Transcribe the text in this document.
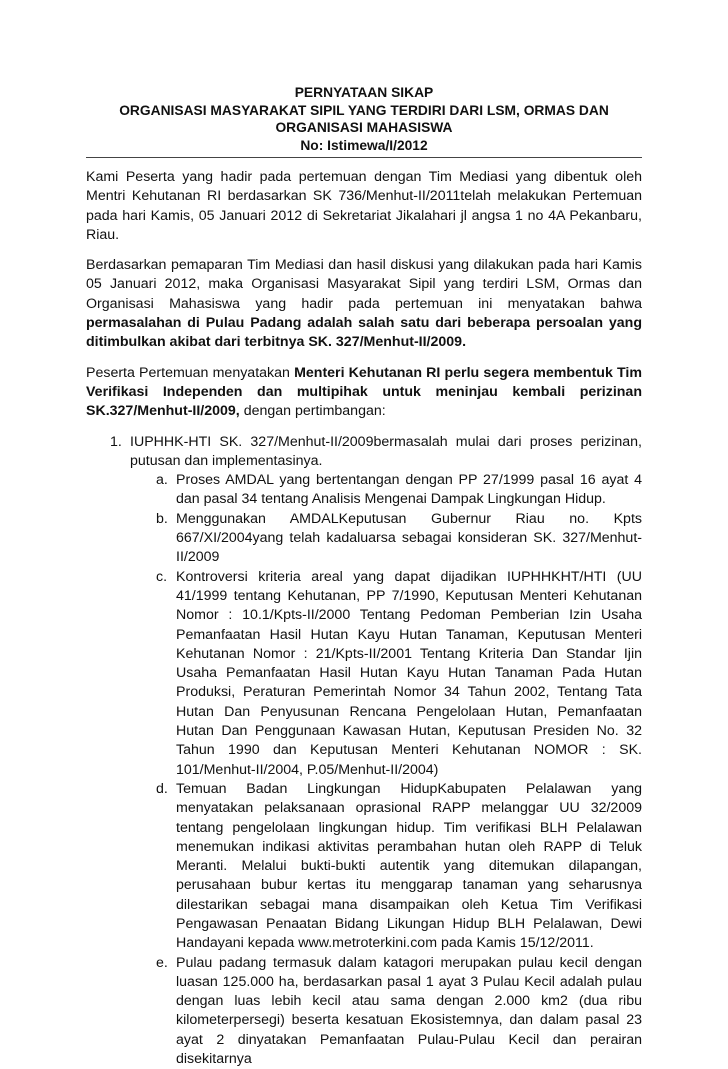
PERNYATAAN SIKAP
ORGANISASI MASYARAKAT SIPIL YANG TERDIRI DARI LSM, ORMAS DAN
ORGANISASI MAHASISWA
No: Istimewa/I/2012

Kami Peserta yang hadir pada pertemuan dengan Tim Mediasi yang dibentuk oleh Mentri Kehutanan RI berdasarkan SK 736/Menhut-II/2011telah melakukan Pertemuan pada hari Kamis, 05 Januari 2012 di Sekretariat Jikalahari jl angsa 1 no 4A Pekanbaru, Riau.

Berdasarkan pemaparan Tim Mediasi dan hasil diskusi yang dilakukan pada hari Kamis 05 Januari 2012, maka Organisasi Masyarakat Sipil yang terdiri LSM, Ormas dan Organisasi Mahasiswa yang hadir pada pertemuan ini menyatakan bahwa permasalahan di Pulau Padang adalah salah satu dari beberapa persoalan yang ditimbulkan akibat dari terbitnya SK. 327/Menhut-II/2009.

Peserta Pertemuan menyatakan Menteri Kehutanan RI perlu segera membentuk Tim Verifikasi Independen dan multipihak untuk meninjau kembali perizinan SK.327/Menhut-II/2009, dengan pertimbangan:

1. IUPHHK-HTI SK. 327/Menhut-II/2009bermasalah mulai dari proses perizinan, putusan dan implementasinya.
a. Proses AMDAL yang bertentangan dengan PP 27/1999 pasal 16 ayat 4 dan pasal 34 tentang Analisis Mengenai Dampak Lingkungan Hidup.
b. Menggunakan AMDALKeputusan Gubernur Riau no. Kpts 667/XI/2004yang telah kadaluarsa sebagai konsideran SK. 327/Menhut-II/2009
c. Kontroversi kriteria areal yang dapat dijadikan IUPHHKHT/HTI (UU 41/1999 tentang Kehutanan, PP 7/1990, Keputusan Menteri Kehutanan Nomor : 10.1/Kpts-II/2000 Tentang Pedoman Pemberian Izin Usaha Pemanfaatan Hasil Hutan Kayu Hutan Tanaman, Keputusan Menteri Kehutanan Nomor : 21/Kpts-II/2001 Tentang Kriteria Dan Standar Ijin Usaha Pemanfaatan Hasil Hutan Kayu Hutan Tanaman Pada Hutan Produksi, Peraturan Pemerintah Nomor 34 Tahun 2002, Tentang Tata Hutan Dan Penyusunan Rencana Pengelolaan Hutan, Pemanfaatan Hutan Dan Penggunaan Kawasan Hutan, Keputusan Presiden No. 32 Tahun 1990 dan Keputusan Menteri Kehutanan NOMOR : SK. 101/Menhut-II/2004, P.05/Menhut-II/2004)
d. Temuan Badan Lingkungan HidupKabupaten Pelalawan yang menyatakan pelaksanaan oprasional RAPP melanggar UU 32/2009 tentang pengelolaan lingkungan hidup. Tim verifikasi BLH Pelalawan menemukan indikasi aktivitas perambahan hutan oleh RAPP di Teluk Meranti. Melalui bukti-bukti autentik yang ditemukan dilapangan, perusahaan bubur kertas itu menggarap tanaman yang seharusnya dilestarikan sebagai mana disampaikan oleh Ketua Tim Verifikasi Pengawasan Penaatan Bidang Likungan Hidup BLH Pelalawan, Dewi Handayani kepada www.metroterkini.com pada Kamis 15/12/2011.
e. Pulau padang termasuk dalam katagori merupakan pulau kecil dengan luasan 125.000 ha, berdasarkan pasal 1 ayat 3 Pulau Kecil adalah pulau dengan luas lebih kecil atau sama dengan 2.000 km2 (dua ribu kilometerpersegi) beserta kesatuan Ekosistemnya, dan dalam pasal 23 ayat 2 dinyatakan Pemanfaatan Pulau-Pulau Kecil dan perairan disekitarnya
